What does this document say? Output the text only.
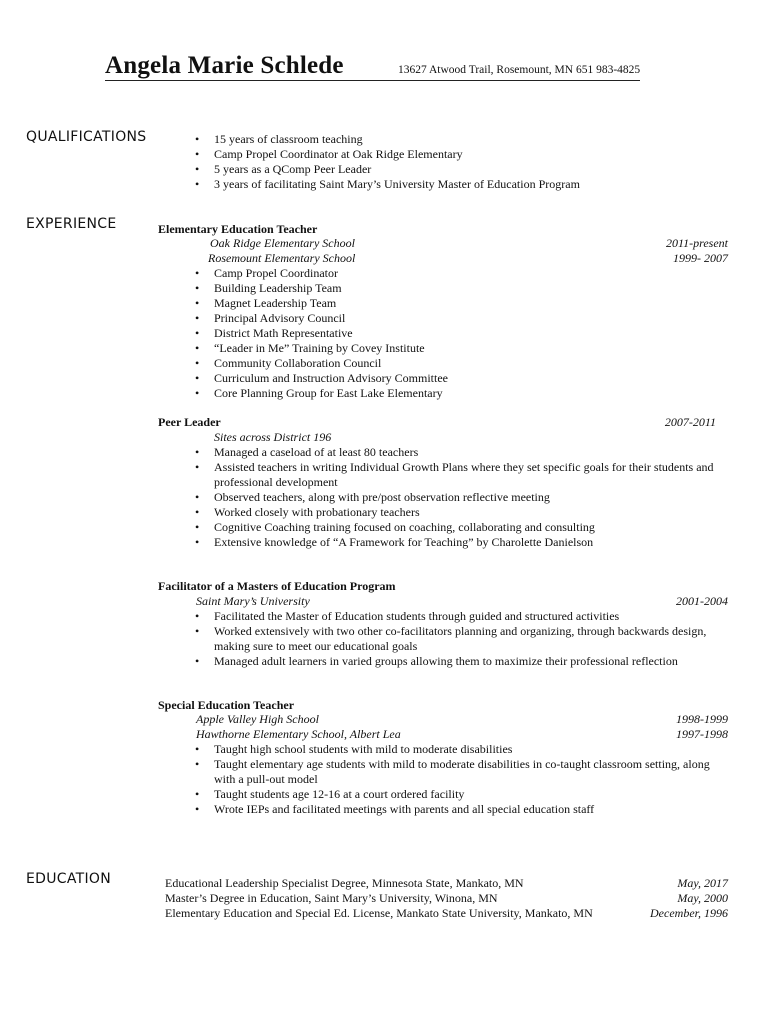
Angela Marie Schlede	13627 Atwood Trail, Rosemount, MN 651 983-4825
QUALIFICATIONS
•	15 years of classroom teaching
• Camp Propel Coordinator at Oak Ridge Elementary
• 5 years as a QComp Peer Leader
• 3 years of facilitating Saint Mary’s University Master of Education Program
EXPERIENCE	Elementary Education Teacher
Oak Ridge Elementary School	2011-present
Rosemount Elementary School	1999- 2007
• Camp Propel Coordinator
• Building Leadership Team
• Magnet Leadership Team
• Principal Advisory Council
• District Math Representative
• “Leader in Me” Training by Covey Institute
• Community Collaboration Council
• Curriculum and Instruction Advisory Committee
• Core Planning Group for East Lake Elementary
Peer Leader	2007-2011
Sites across District 196
• Managed a caseload of at least 80 teachers
• Assisted teachers in writing Individual Growth Plans where they set specific goals for their students and professional development
• Observed teachers, along with pre/post observation reflective meeting
• Worked closely with probationary teachers
• Cognitive Coaching training focused on coaching, collaborating and consulting
• Extensive knowledge of “A Framework for Teaching” by Charolette Danielson
Facilitator of a Masters of Education Program
Saint Mary’s University	2001-2004
• Facilitated the Master of Education students through guided and structured activities
• Worked extensively with two other co-facilitators planning and organizing, through backwards design, making sure to meet our educational goals
• Managed adult learners in varied groups allowing them to maximize their professional reflection
Special Education Teacher
Apple Valley High School	1998-1999
Hawthorne Elementary School, Albert Lea	1997-1998
• Taught high school students with mild to moderate disabilities
• Taught elementary age students with mild to moderate disabilities in co-taught classroom setting, along with a pull-out model
• Taught students age 12-16 at a court ordered facility
• Wrote IEPs and facilitated meetings with parents and all special education staff
EDUCATION	Educational Leadership Specialist Degree, Minnesota State, Mankato, MN	May, 2017
Master’s Degree in Education, Saint Mary’s University, Winona, MN	May, 2000
Elementary Education and Special Ed. License, Mankato State University, Mankato, MN	December, 1996
